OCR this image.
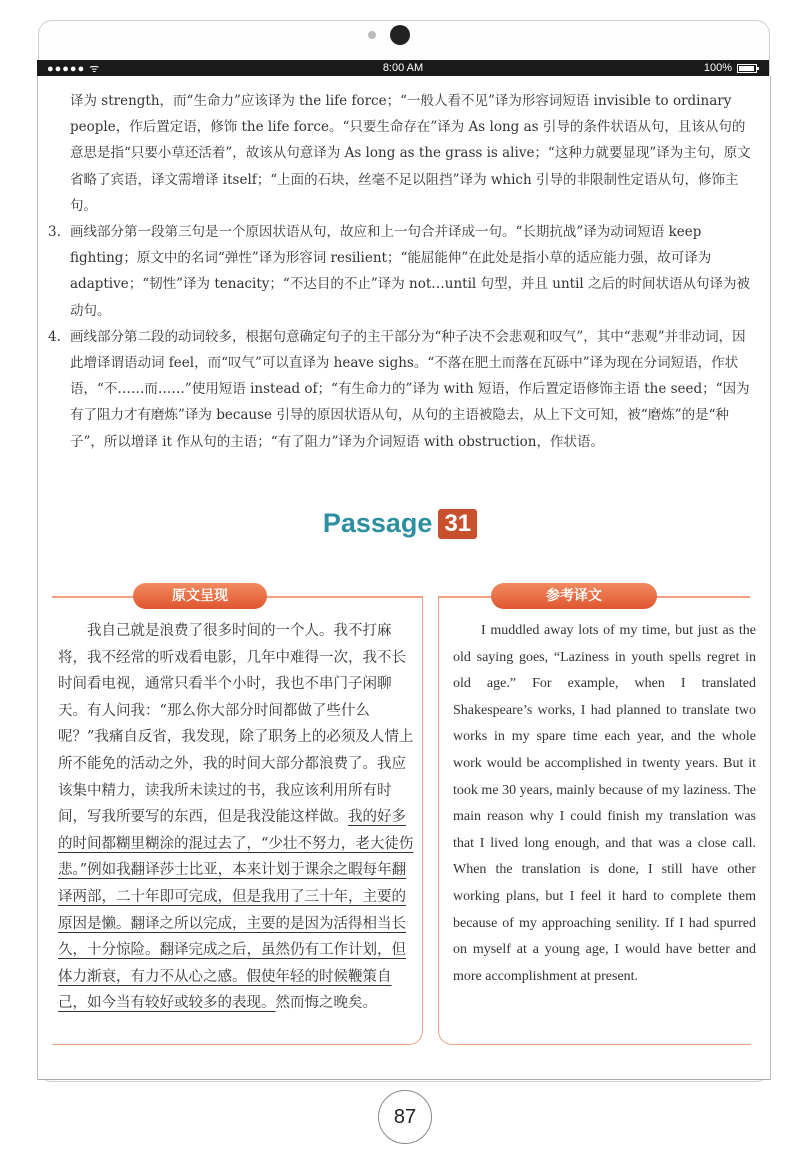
●●●●● ᯤ	8:00 AM	100%

译为 strength，而“生命力”应该译为 the life force；“一般人看不见”译为形容词短语 invisible to ordinary people，作后置定语，修饰 the life force。“只要生命存在”译为 As long as 引导的条件状语从句，且该从句的意思是指“只要小草还活着”，故该从句意译为 As long as the grass is alive；“这种力就要显现”译为主句，原文省略了宾语，译文需增译 itself；“上面的石块，丝毫不足以阻挡”译为 which 引导的非限制性定语从句，修饰主句。

3. 画线部分第一段第三句是一个原因状语从句，故应和上一句合并译成一句。“长期抗战”译为动词短语 keep fighting；原文中的名词“弹性”译为形容词 resilient；“能屈能伸”在此处是指小草的适应能力强，故可译为 adaptive；“韧性”译为 tenacity；“不达目的不止”译为 not…until 句型，并且 until 之后的时间状语从句译为被动句。
4. 画线部分第二段的动词较多，根据句意确定句子的主干部分为“种子决不会悲观和叹气”，其中“悲观”并非动词，因此增译谓语动词 feel，而“叹气”可以直译为 heave sighs。“不落在肥土而落在瓦砾中”译为现在分词短语，作状语，“不……而……”使用短语 instead of；“有生命力的”译为 with 短语，作后置定语修饰主语 the seed；“因为有了阻力才有磨炼”译为 because 引导的原因状语从句，从句的主语被隐去，从上下文可知，被“磨炼”的是“种子”，所以增译 it 作从句的主语；“有了阻力”译为介词短语 with obstruction，作状语。
Passage 31
原文呈现	参考译文
  我自己就是浪费了很多时间的一个人。我不打麻将，我不经常的听戏看电影，几年中难得一次，我不长时间看电视，通常只看半个小时，我也不串门子闲聊天。有人问我：“那么你大部分时间都做了些什么呢？”我痛自反省，我发现，除了职务上的必须及人情上所不能免的活动之外，我的时间大部分都浪费了。我应该集中精力，读我所未读过的书，我应该利用所有时间，写我所要写的东西，但是我没能这样做。我的好多的时间都糊里糊涂的混过去了，“少壮不努力，老大徒伤悲。”例如我翻译莎士比亚，本来计划于课余之暇每年翻译两部，二十年即可完成，但是我用了三十年，主要的原因是懒。翻译之所以完成，主要的是因为活得相当长久，十分惊险。翻译完成之后，虽然仍有工作计划，但体力渐衰，有力不从心之感。假使年轻的时候鞭策自己，如今当有较好或较多的表现。然而悔之晚矣。
  I muddled away lots of my time, but just as the old saying goes, “Laziness in youth spells regret in old age.” For example, when I translated Shakespeare’s works, I had planned to translate two works in my spare time each year, and the whole work would be accomplished in twenty years. But it took me 30 years, mainly because of my laziness. The main reason why I could finish my translation was that I lived long enough, and that was a close call. When the translation is done, I still have other working plans, but I feel it hard to complete them because of my approaching senility. If I had spurred on myself at a young age, I would have better and more accomplishment at present.
87
